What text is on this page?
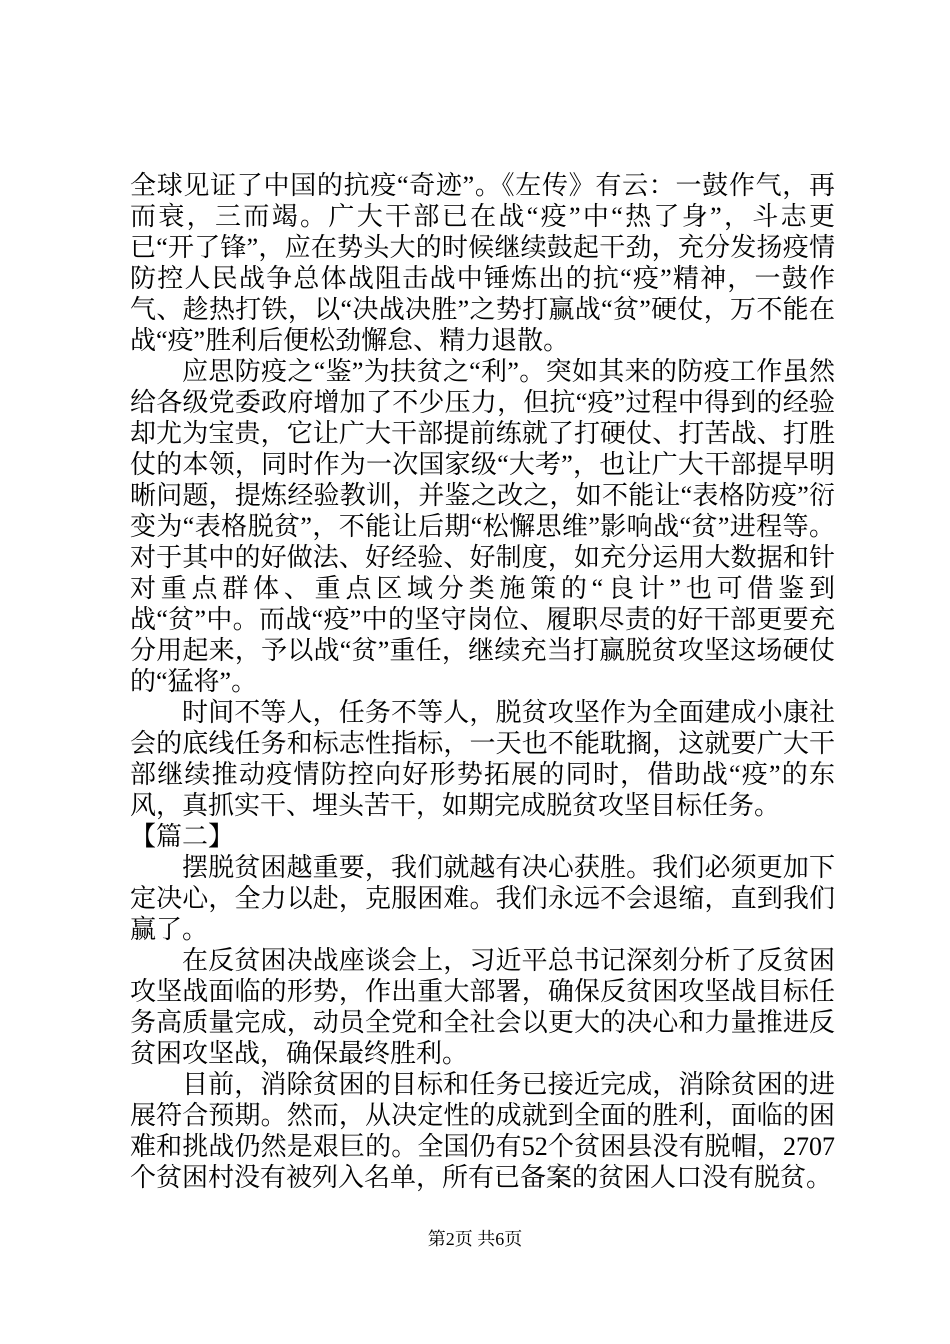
全球见证了中国的抗疫“奇迹”。《左传》有云：一鼓作气，再而衰，三而竭。广大干部已在战“疫”中“热了身”，斗志更已“开了锋”，应在势头大的时候继续鼓起干劲，充分发扬疫情防控人民战争总体战阻击战中锤炼出的抗“疫”精神，一鼓作气、趁热打铁，以“决战决胜”之势打赢战“贫”硬仗，万不能在战“疫”胜利后便松劲懈怠、精力退散。

应思防疫之“鉴”为扶贫之“利”。突如其来的防疫工作虽然给各级党委政府增加了不少压力，但抗“疫”过程中得到的经验却尤为宝贵，它让广大干部提前练就了打硬仗、打苦战、打胜仗的本领，同时作为一次国家级“大考”，也让广大干部提早明晰问题，提炼经验教训，并鉴之改之，如不能让“表格防疫”衍变为“表格脱贫”，不能让后期“松懈思维”影响战“贫”进程等。对于其中的好做法、好经验、好制度，如充分运用大数据和针对重点群体、重点区域分类施策的“良计”也可借鉴到战“贫”中。而战“疫”中的坚守岗位、履职尽责的好干部更要充分用起来，予以战“贫”重任，继续充当打赢脱贫攻坚这场硬仗的“猛将”。

时间不等人，任务不等人，脱贫攻坚作为全面建成小康社会的底线任务和标志性指标，一天也不能耽搁，这就要广大干部继续推动疫情防控向好形势拓展的同时，借助战“疫”的东风，真抓实干、埋头苦干，如期完成脱贫攻坚目标任务。

【篇二】

摆脱贫困越重要，我们就越有决心获胜。我们必须更加下定决心，全力以赴，克服困难。我们永远不会退缩，直到我们赢了。

在反贫困决战座谈会上，习近平总书记深刻分析了反贫困攻坚战面临的形势，作出重大部署，确保反贫困攻坚战目标任务高质量完成，动员全党和全社会以更大的决心和力量推进反贫困攻坚战，确保最终胜利。

目前，消除贫困的目标和任务已接近完成，消除贫困的进展符合预期。然而，从决定性的成就到全面的胜利，面临的困难和挑战仍然是艰巨的。全国仍有52个贫困县没有脱帽，2707个贫困村没有被列入名单，所有已备案的贫困人口没有脱贫。

第2页 共6页
